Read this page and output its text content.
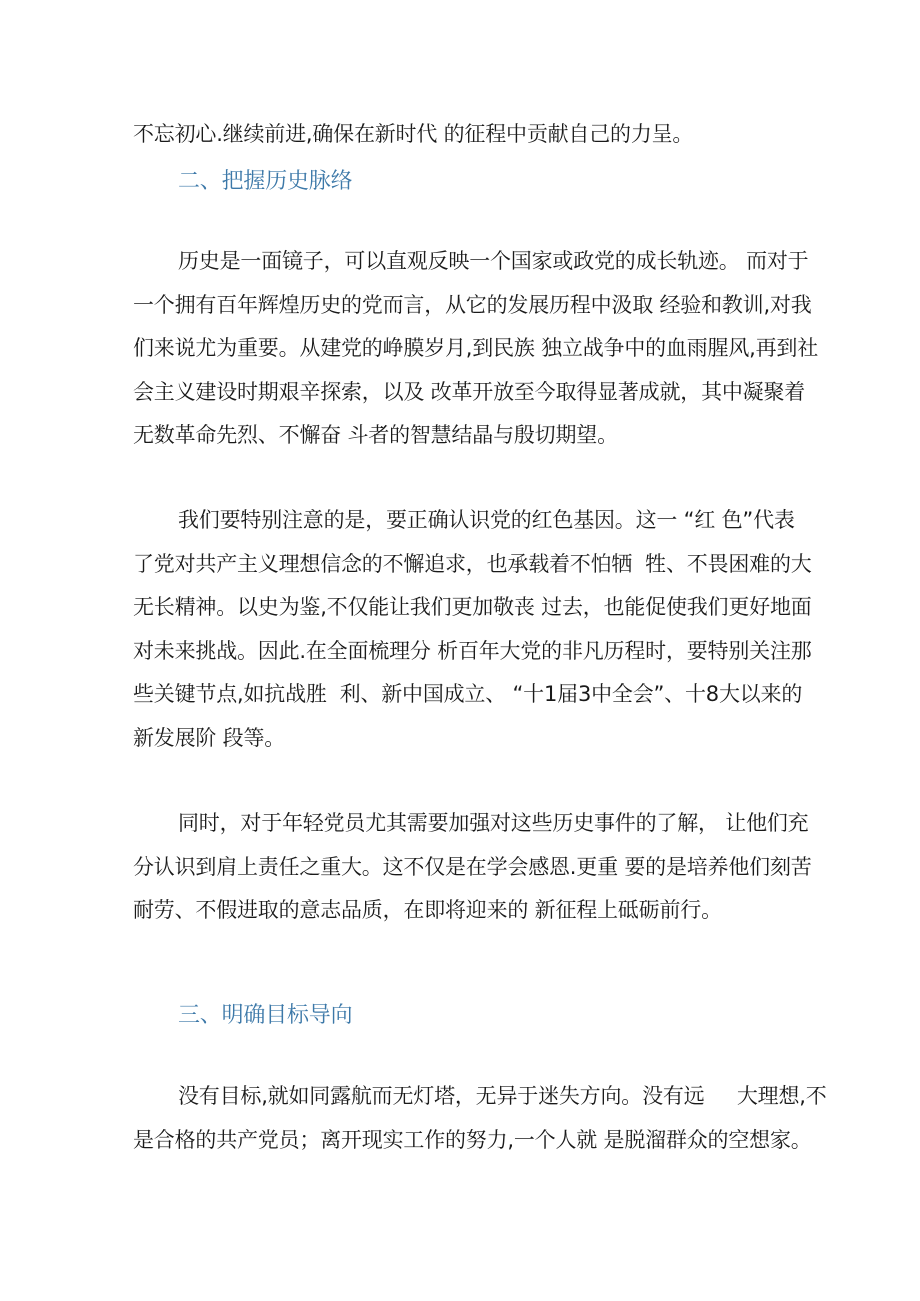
不忘初心.继续前进,确保在新时代 的征程中贡献自己的力呈。
二、把握历史脉络
历史是一面镜子，可以直观反映一个国家或政党的成长轨迹。 而对于
一个拥有百年辉煌历史的党而言，从它的发展历程中汲取 经验和教训,对我
们来说尤为重要。从建党的峥膜岁月,到民族 独立战争中的血雨腥风,再到社
会主义建设时期艰辛探索，以及 改革开放至今取得显著成就，其中凝聚着
无数革命先烈、不懈奋 斗者的智慧结晶与殷切期望。
我们要特别注意的是，要正确认识党的红色基因。这一 “红 色”代表
了党对共产主义理想信念的不懈追求，也承载着不怕牺  牲、不畏困难的大
无长精神。以史为鉴,不仅能让我们更加敬丧 过去，也能促使我们更好地面
对未来挑战。因此.在全面梳理分 析百年大党的非凡历程时，要特别关注那
些关键节点,如抗战胜  利、新中国成立、 “十1届3中全会”、十8大以来的
新发展阶 段等。
同时，对于年轻党员尤其需要加强对这些历史事件的了解， 让他们充
分认识到肩上责任之重大。这不仅是在学会感恩.更重 要的是培养他们刻苦
耐劳、不假进取的意志品质，在即将迎来的 新征程上砥砺前行。
三、明确目标导向
没有目标,就如同露航而无灯塔，无异于迷失方向。没有远     大理想,不
是合格的共产党员；离开现实工作的努力,一个人就 是脱溜群众的空想家。
